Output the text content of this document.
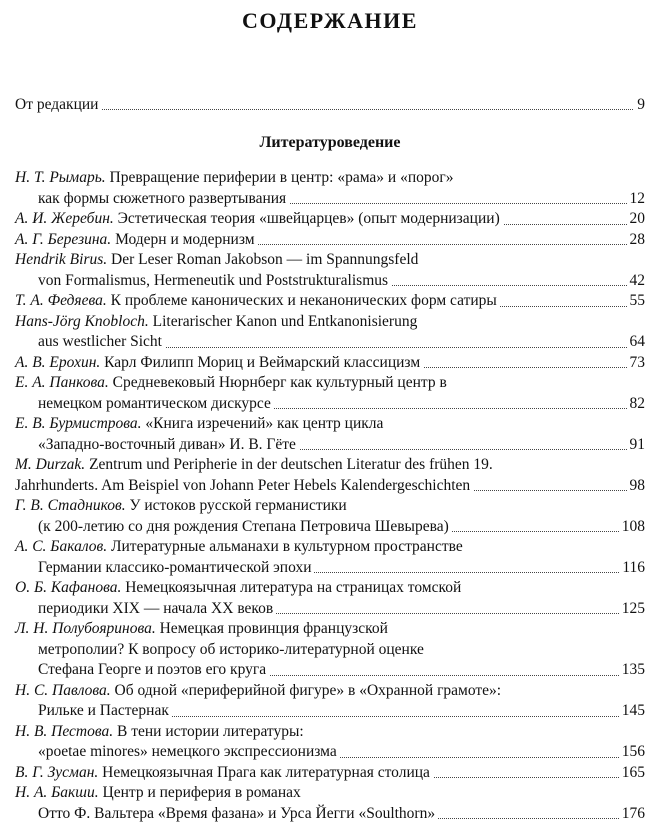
СОДЕРЖАНИЕ
От редакции	9
Литературоведение
Н. Т. Рымарь. Превращение периферии в центр: «рама» и «порог»
как формы сюжетного развертывания	12
А. И. Жеребин. Эстетическая теория «швейцарцев» (опыт модернизации)	20
А. Г. Березина. Модерн и модернизм	28
Hendrik Birus. Der Leser Roman Jakobson — im Spannungsfeld
von Formalismus, Hermeneutik und Poststrukturalismus	42
Т. А. Федяева. К проблеме канонических и неканонических форм сатиры	55
Hans-Jörg Knobloch. Literarischer Kanon und Entkanonisierung
aus westlicher Sicht	64
А. В. Ерохин. Карл Филипп Мориц и Веймарский классицизм	73
Е. А. Панкова. Средневековый Нюрнберг как культурный центр в
немецком романтическом дискурсе	82
Е. В. Бурмистрова. «Книга изречений» как центр цикла
«Западно-восточный диван» И. В. Гёте	91
M. Durzak. Zentrum und Peripherie in der deutschen Literatur des frühen 19.
Jahrhunderts. Am Beispiel von Johann Peter Hebels Kalendergeschichten	98
Г. В. Стадников. У истоков русской германистики
(к 200-летию со дня рождения Степана Петровича Шевырева)	108
А. С. Бакалов. Литературные альманахи в культурном пространстве
Германии классико-романтической эпохи	116
О. Б. Кафанова. Немецкоязычная литература на страницах томской
периодики XIX — начала XX веков	125
Л. Н. Полубояринова. Немецкая провинция французской
метрополии? К вопросу об историко-литературной оценке
Стефана Георге и поэтов его круга	135
Н. С. Павлова. Об одной «периферийной фигуре» в «Охранной грамоте»:
Рильке и Пастернак	145
Н. В. Пестова. В тени истории литературы:
«poetae minores» немецкого экспрессионизма	156
В. Г. Зусман. Немецкоязычная Прага как литературная столица	165
Н. А. Бакши. Центр и периферия в романах
Отто Ф. Вальтера «Время фазана» и Урса Йегги «Soulthorn»	176
